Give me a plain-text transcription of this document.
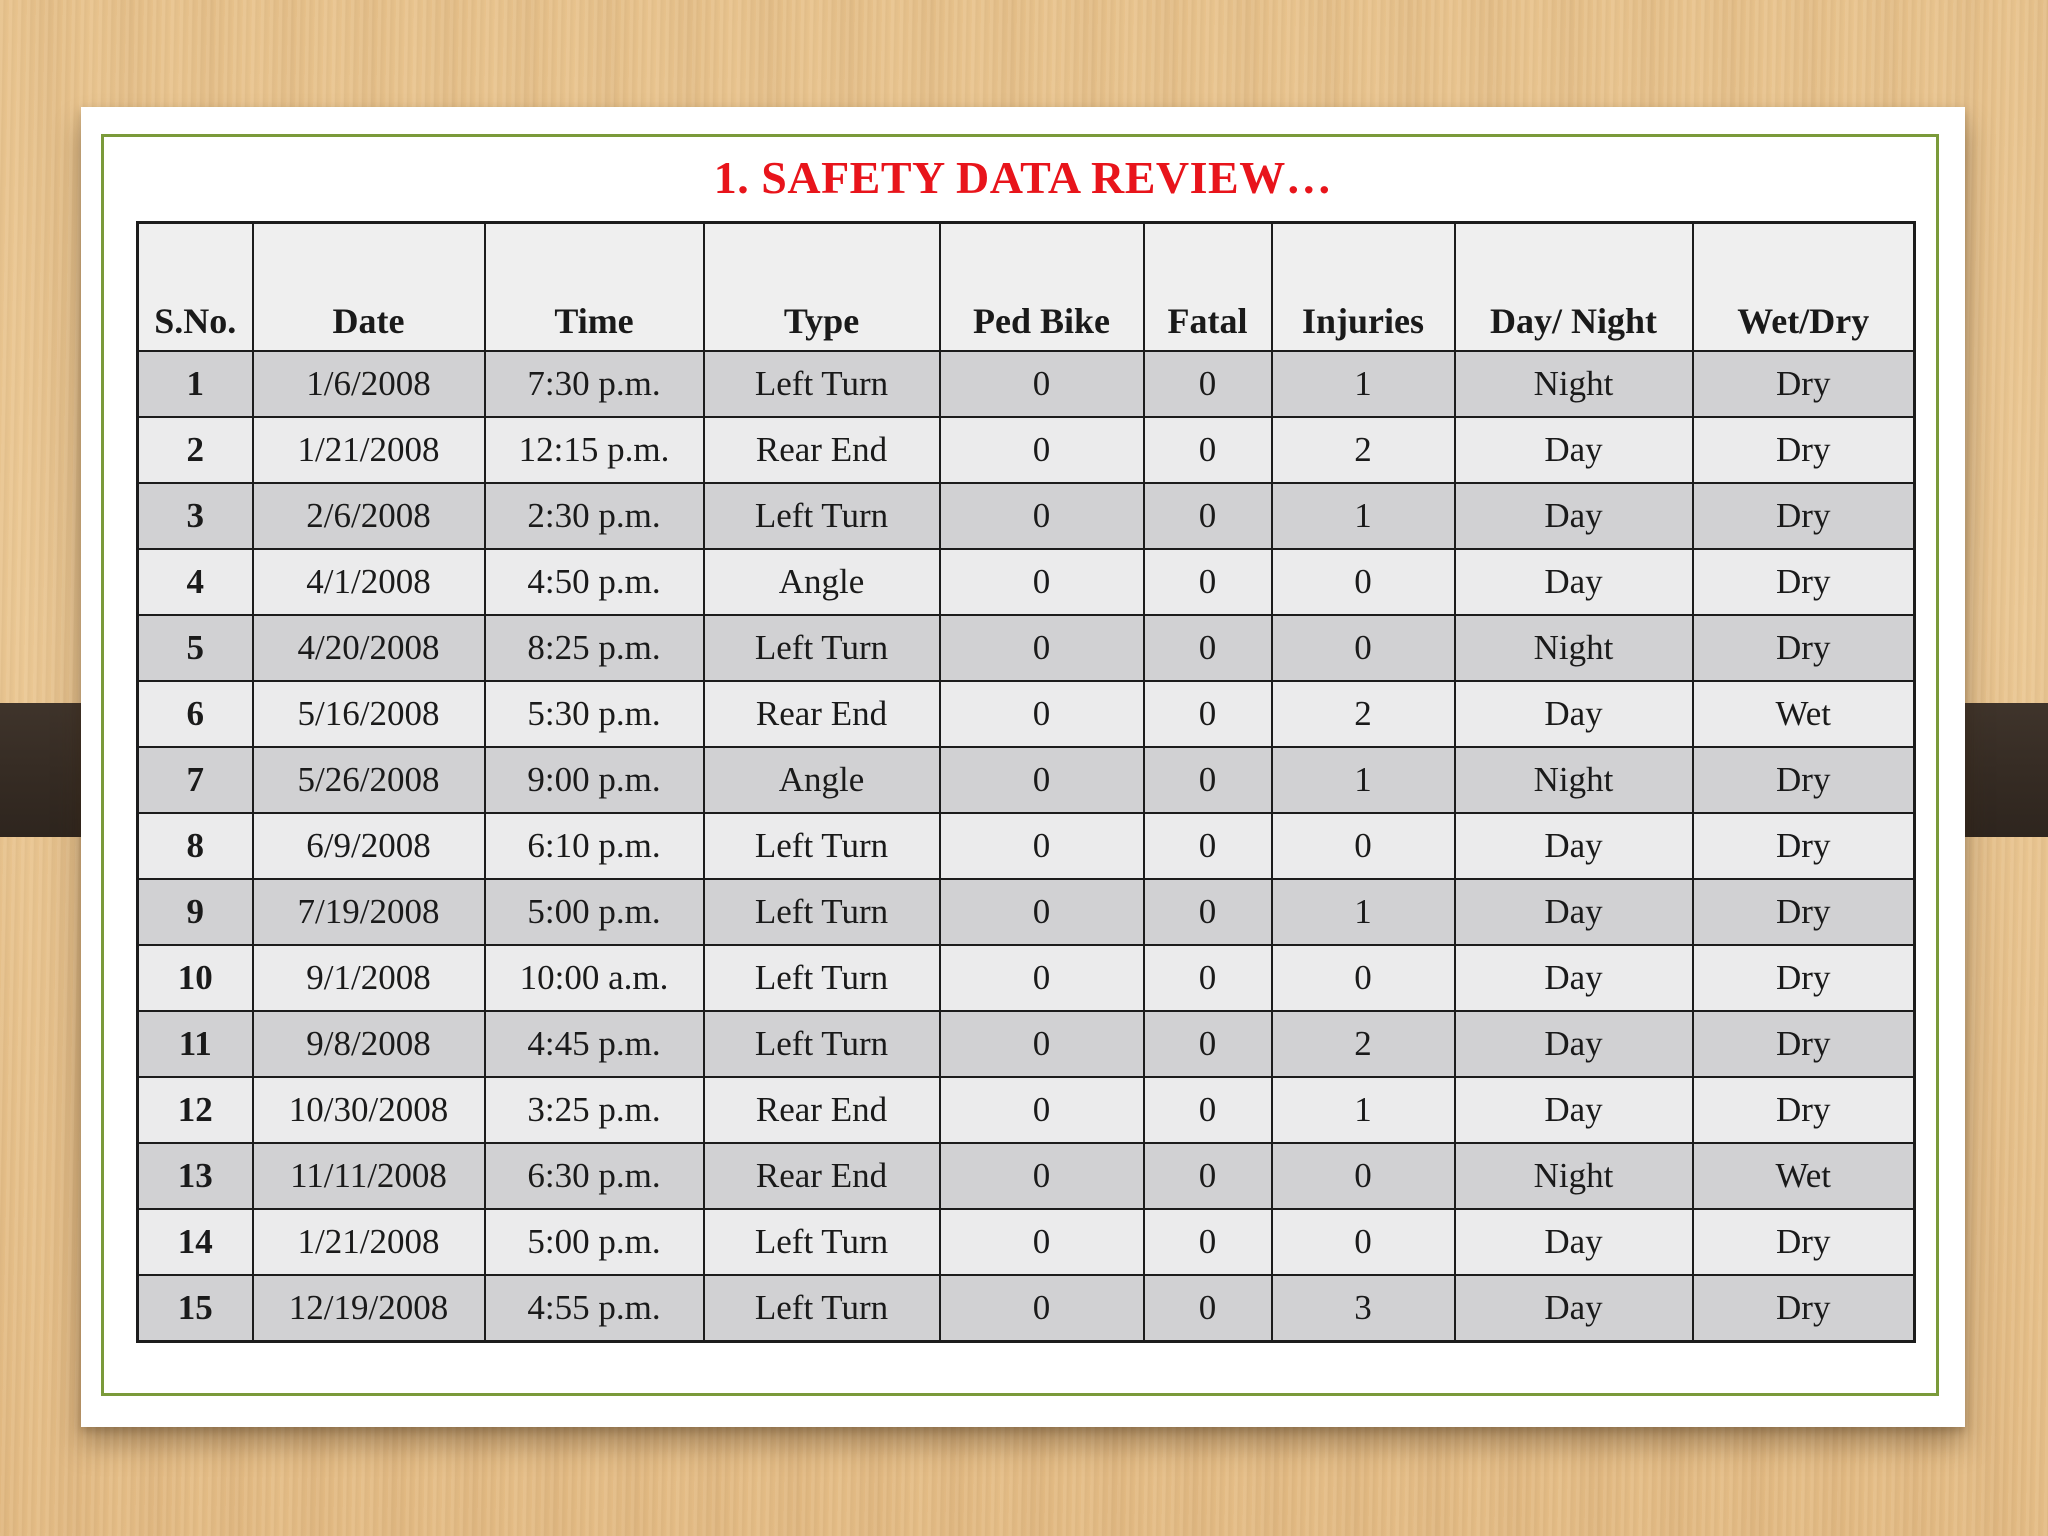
1. SAFETY DATA REVIEW…
S.No.	Date	Time	Type	Ped Bike	Fatal	Injuries	Day/ Night	Wet/Dry
1	1/6/2008	7:30 p.m.	Left Turn	0	0	1	Night	Dry
2	1/21/2008	12:15 p.m.	Rear End	0	0	2	Day	Dry
3	2/6/2008	2:30 p.m.	Left Turn	0	0	1	Day	Dry
4	4/1/2008	4:50 p.m.	Angle	0	0	0	Day	Dry
5	4/20/2008	8:25 p.m.	Left Turn	0	0	0	Night	Dry
6	5/16/2008	5:30 p.m.	Rear End	0	0	2	Day	Wet
7	5/26/2008	9:00 p.m.	Angle	0	0	1	Night	Dry
8	6/9/2008	6:10 p.m.	Left Turn	0	0	0	Day	Dry
9	7/19/2008	5:00 p.m.	Left Turn	0	0	1	Day	Dry
10	9/1/2008	10:00 a.m.	Left Turn	0	0	0	Day	Dry
11	9/8/2008	4:45 p.m.	Left Turn	0	0	2	Day	Dry
12	10/30/2008	3:25 p.m.	Rear End	0	0	1	Day	Dry
13	11/11/2008	6:30 p.m.	Rear End	0	0	0	Night	Wet
14	1/21/2008	5:00 p.m.	Left Turn	0	0	0	Day	Dry
15	12/19/2008	4:55 p.m.	Left Turn	0	0	3	Day	Dry
